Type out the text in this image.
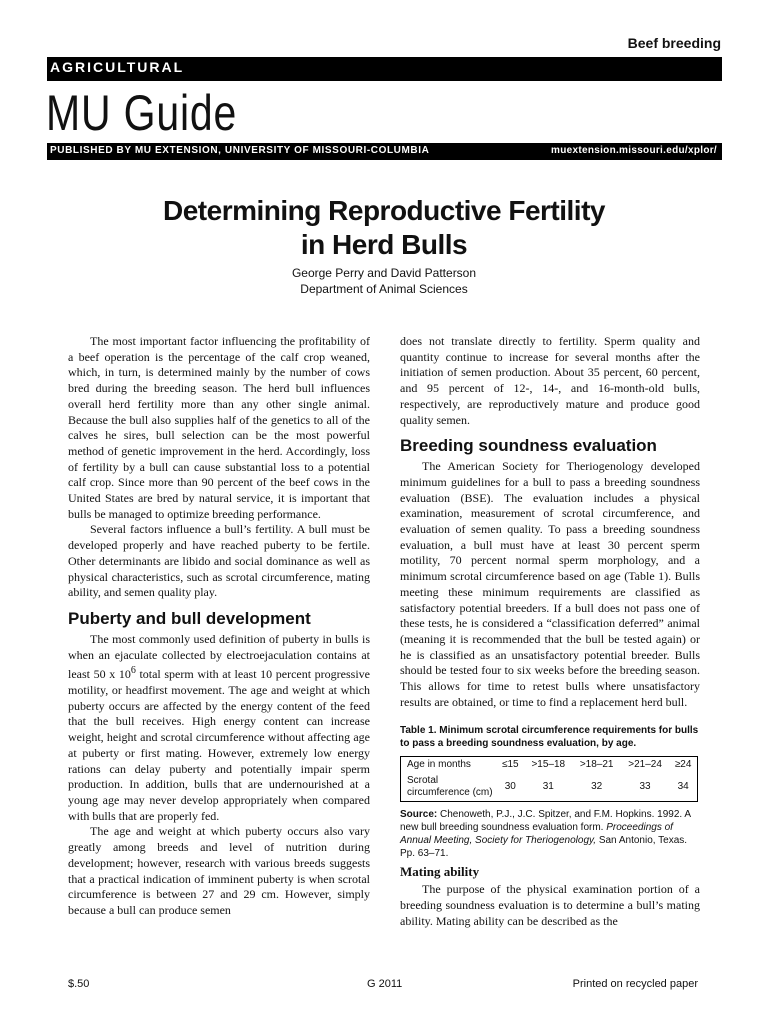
Beef breeding
AGRICULTURAL
MU Guide
PUBLISHED BY MU EXTENSION, UNIVERSITY OF MISSOURI-COLUMBIA	muextension.missouri.edu/xplor/
Determining Reproductive Fertility
in Herd Bulls
George Perry and David Patterson
Department of Animal Sciences

The most important factor influencing the profitability of a beef operation is the percentage of the calf crop weaned, which, in turn, is determined mainly by the number of cows bred during the breeding season. The herd bull influences overall herd fertility more than any other single animal. Because the bull also supplies half of the genetics to all of the calves he sires, bull selection can be the most powerful method of genetic improvement in the herd. Accordingly, loss of fertility by a bull can cause substantial loss to a potential calf crop. Since more than 90 percent of the beef cows in the United States are bred by natural service, it is important that bulls be managed to optimize breeding performance.

Several factors influence a bull’s fertility. A bull must be developed properly and have reached puberty to be fertile. Other determinants are libido and social dominance as well as physical characteristics, such as scrotal circumference, mating ability, and semen quality play.

Puberty and bull development

The most commonly used definition of puberty in bulls is when an ejaculate collected by electroejaculation contains at least 50 x $10^6$ total sperm with at least 10 percent progressive motility, or headfirst movement. The age and weight at which puberty occurs are affected by the energy content of the feed that the bull receives. High energy content can increase weight, height and scrotal circumference without affecting age at puberty or first mating. However, extremely low energy rations can delay puberty and potentially impair sperm production. In addition, bulls that are undernourished at a young age may never develop appropriately when compared with bulls that are properly fed.

The age and weight at which puberty occurs also vary greatly among breeds and level of nutrition during development; however, research with various breeds suggests that a practical indication of imminent puberty is when scrotal circumference is between 27 and 29 cm. However, simply because a bull can produce semen

does not translate directly to fertility. Sperm quality and quantity continue to increase for several months after the initiation of semen production. About 35 percent, 60 percent, and 95 percent of 12-, 14-, and 16-month-old bulls, respectively, are reproductively mature and produce good quality semen.

Breeding soundness evaluation

The American Society for Theriogenology developed minimum guidelines for a bull to pass a breeding soundness evaluation (BSE). The evaluation includes a physical examination, measurement of scrotal circumference, and evaluation of semen quality. To pass a breeding soundness evaluation, a bull must have at least 30 percent sperm motility, 70 percent normal sperm morphology, and a minimum scrotal circumference based on age (Table 1). Bulls meeting these minimum requirements are classified as satisfactory potential breeders. If a bull does not pass one of these tests, he is considered a “classification deferred” animal (meaning it is recommended that the bull be tested again) or he is classified as an unsatisfactory potential breeder. Bulls should be tested four to six weeks before the breeding season. This allows for time to retest bulls where unsatisfactory results are obtained, or time to find a replacement herd bull.

Table 1. Minimum scrotal circumference requirements for bulls to pass a breeding soundness evaluation, by age.
Age in months	≤15	>15–18	>18–21	>21–24	≥24

Scrotal
circumference (cm)	30	31	32	33	34
Source: Chenoweth, P.J., J.C. Spitzer, and F.M. Hopkins. 1992. A new bull breeding soundness evaluation form. Proceedings of Annual Meeting, Society for Theriogenology, San Antonio, Texas. Pp. 63–71.
Mating ability

The purpose of the physical examination portion of a breeding soundness evaluation is to determine a bull’s mating ability. Mating ability can be described as the

$.50	G 2011	Printed on recycled paper
